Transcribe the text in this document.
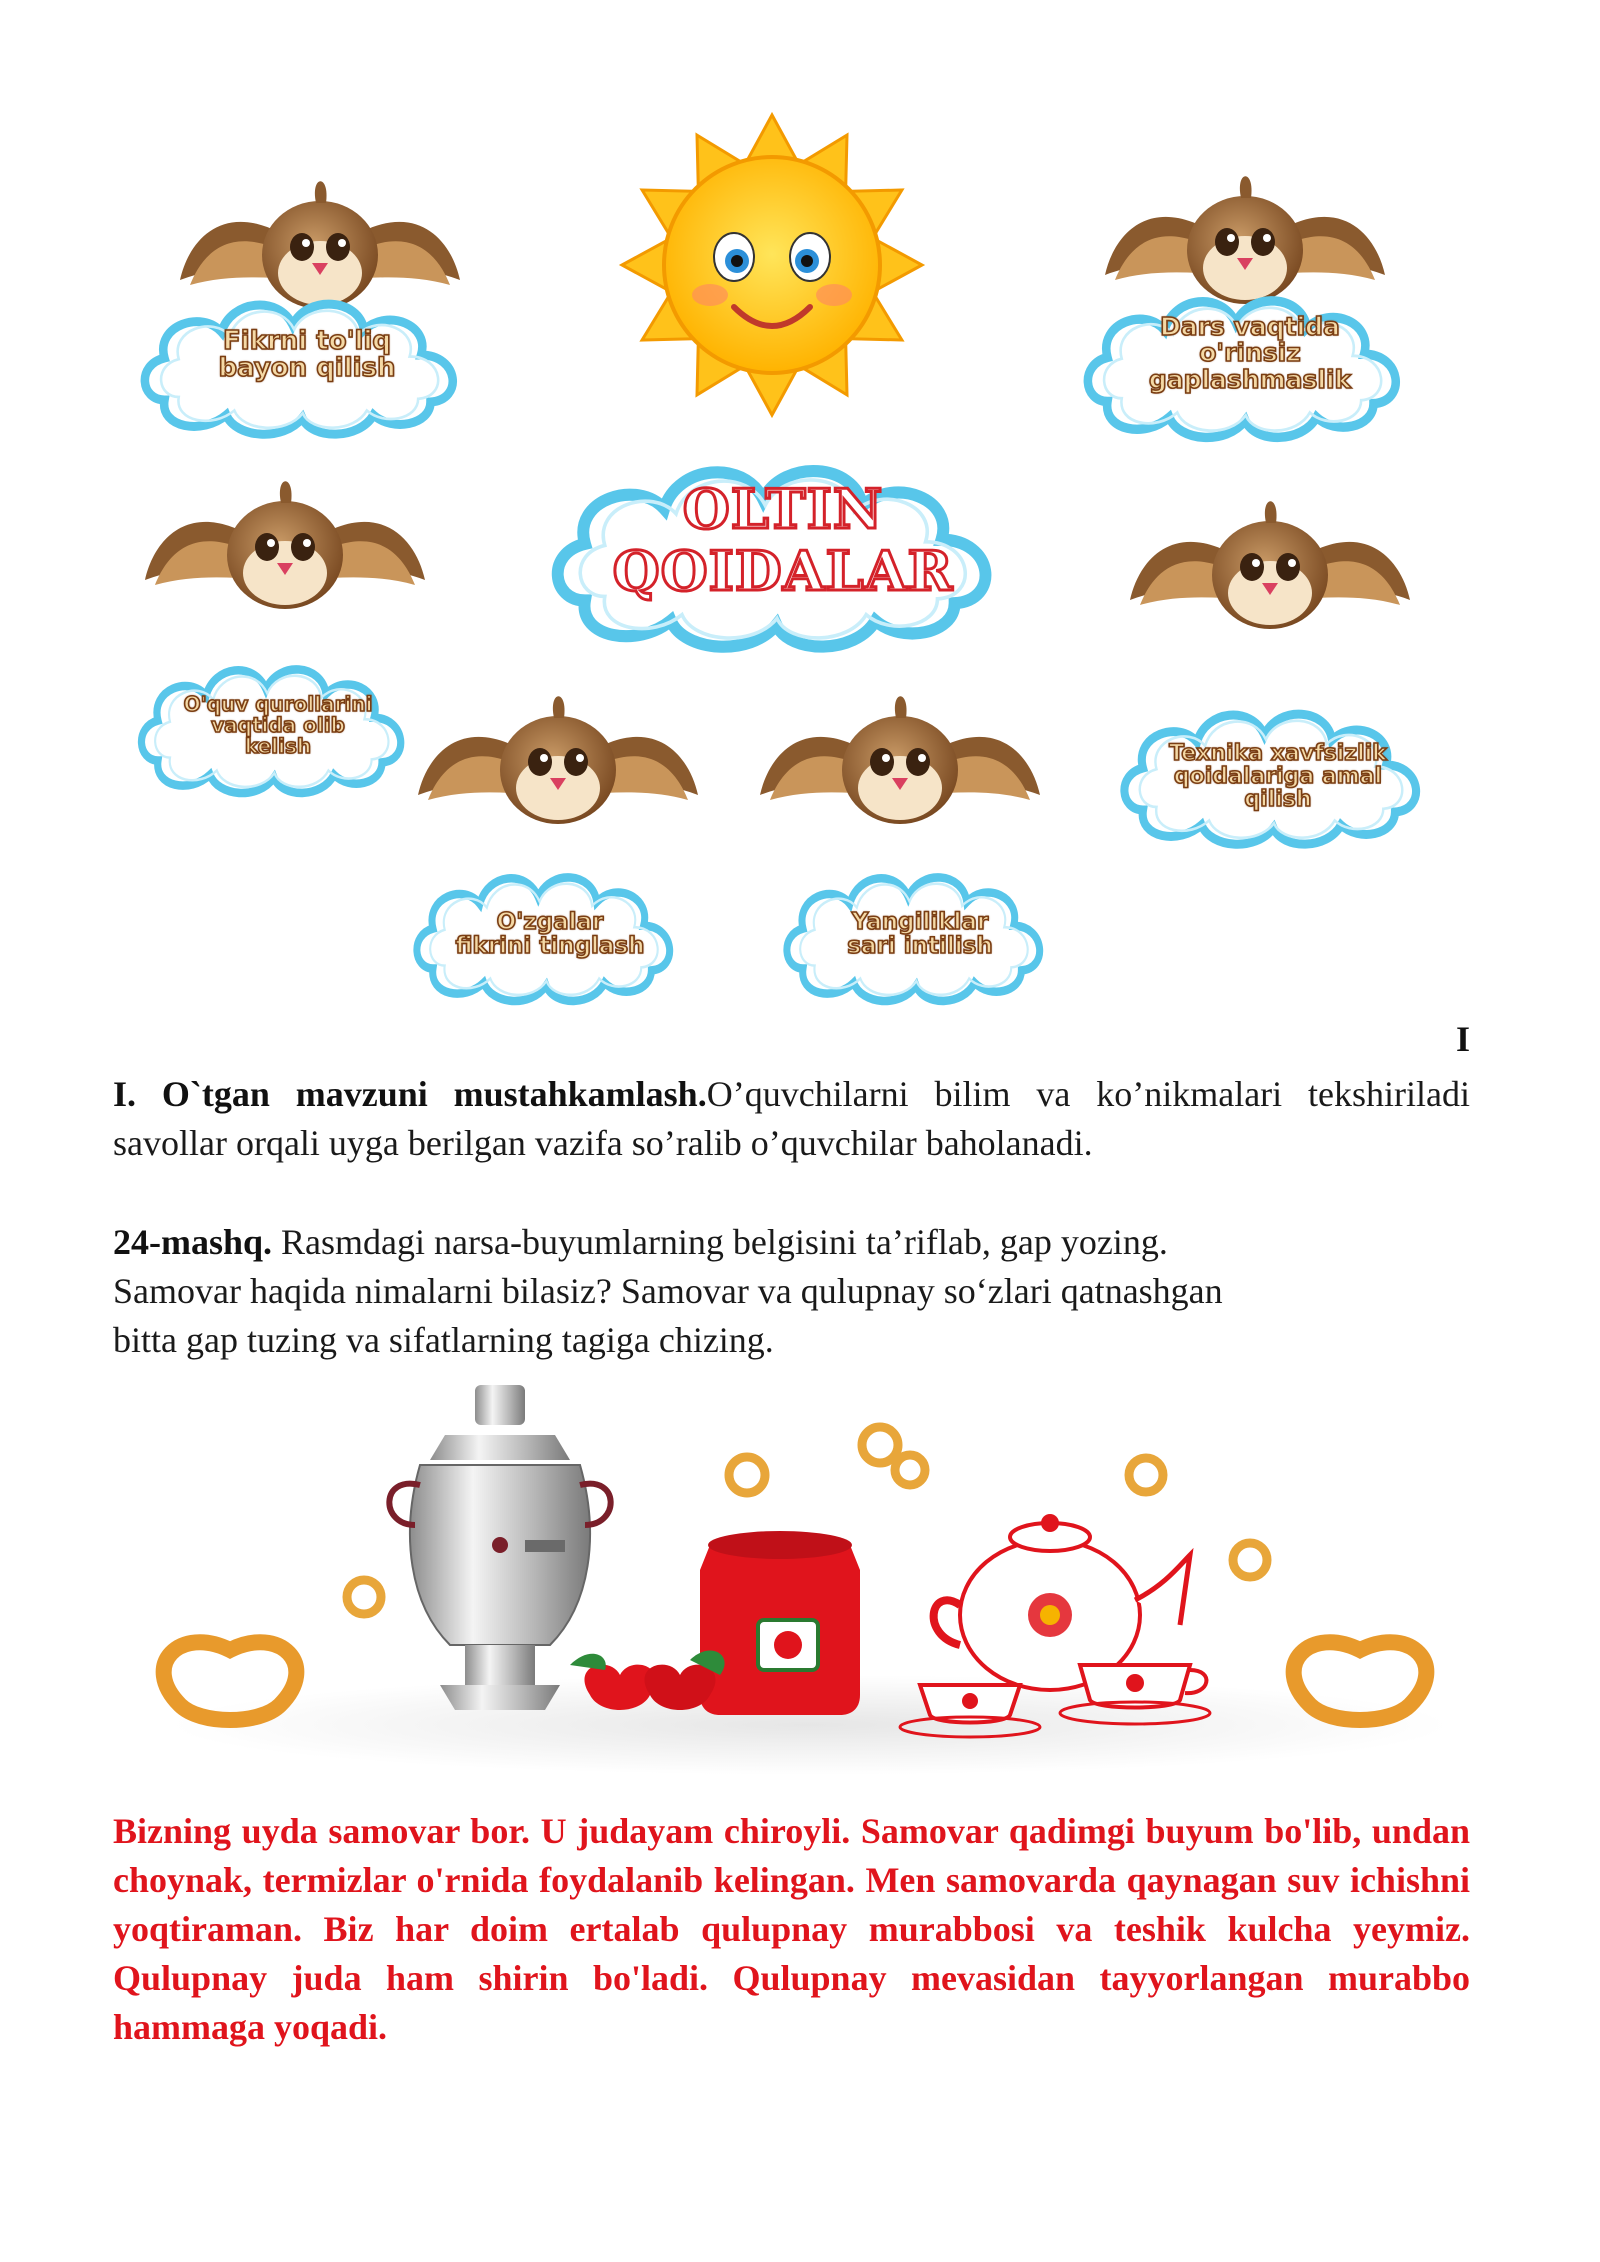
OLTIN
QOIDALAR
Fikrni to'liq
bayon qilish
Dars vaqtida
o'rinsiz
gaplashmaslik
O'quv qurollarini
vaqtida olib
kelish	Texnika xavfsizlik
qoidalariga amal
qilish
O'zgalar
fikrini tinglash
Yangiliklar
sari intilish
I
I. O`tgan mavzuni mustahkamlash.O’quvchilarni bilim va ko’nikmalari tekshiriladi savollar orqali uyga berilgan vazifa so’ralib o’quvchilar baholanadi.
24-mashq. Rasmdagi narsa-buyumlarning belgisini ta’riflab, gap yozing.
Samovar haqida nimalarni bilasiz? Samovar va qulupnay so‘zlari qatnashgan
bitta gap tuzing va sifatlarning tagiga chizing.
Bizning uyda samovar bor. U judayam chiroyli. Samovar qadimgi buyum bo'lib, undan choynak, termizlar o'rnida foydalanib kelingan. Men samovarda qaynagan suv ichishni yoqtiraman. Biz har doim ertalab qulupnay murabbosi va teshik kulcha yeymiz. Qulupnay juda ham shirin bo'ladi. Qulupnay mevasidan tayyorlangan murabbo hammaga yoqadi.
